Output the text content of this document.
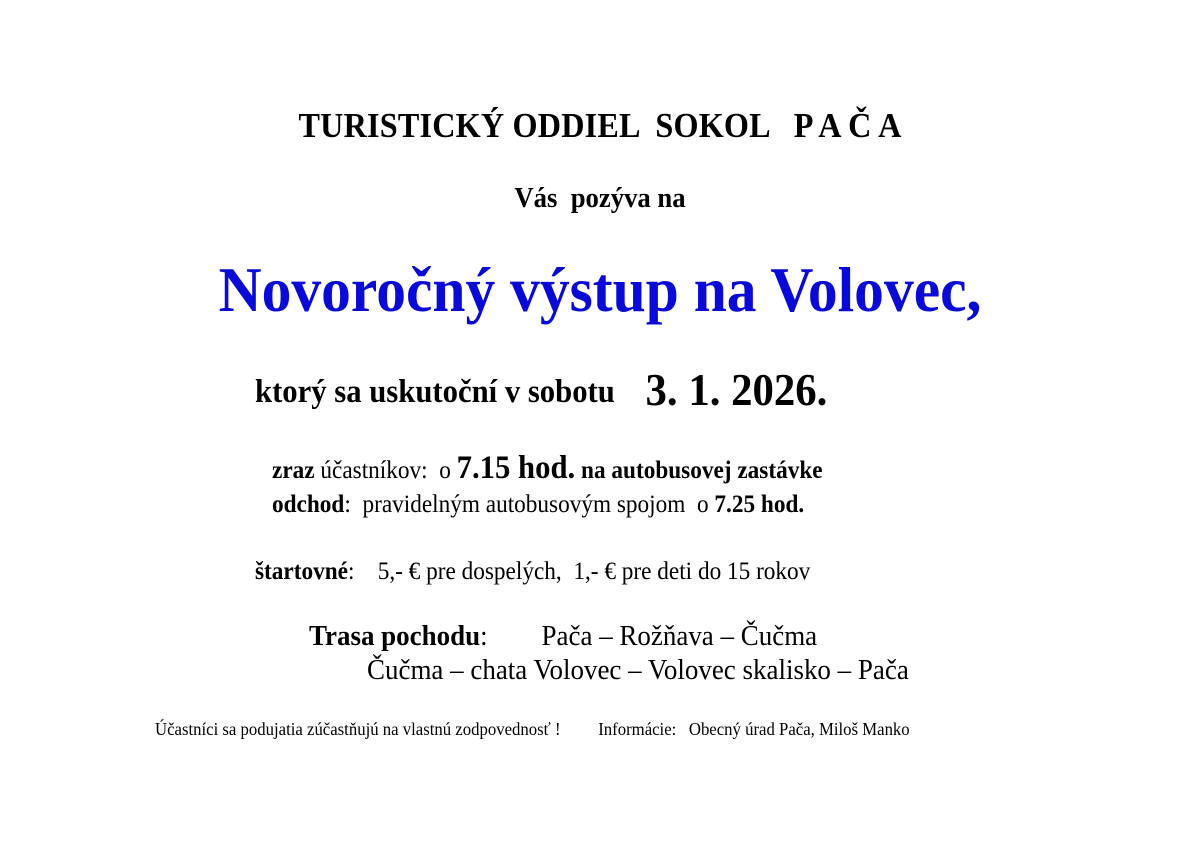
TURISTICKÝ ODDIEL  SOKOL   P A Č A
Vás  pozýva na
Novoročný výstup na Volovec,
ktorý sa uskutoční v sobotu 3. 1. 2026.
zraz účastníkov:  o 7.15 hod. na autobusovej zastávke
odchod:  pravidelným autobusovým spojom  o 7.25 hod.
štartovné:    5,- € pre dospelých,  1,- € pre deti do 15 rokov
Trasa pochodu: Pača – Rožňava – Čučma
Čučma – chata Volovec – Volovec skalisko – Pača
Účastníci sa podujatia zúčastňujú na vlastnú zodpovednosť ! Informácie: Obecný úrad Pača, Miloš Manko
